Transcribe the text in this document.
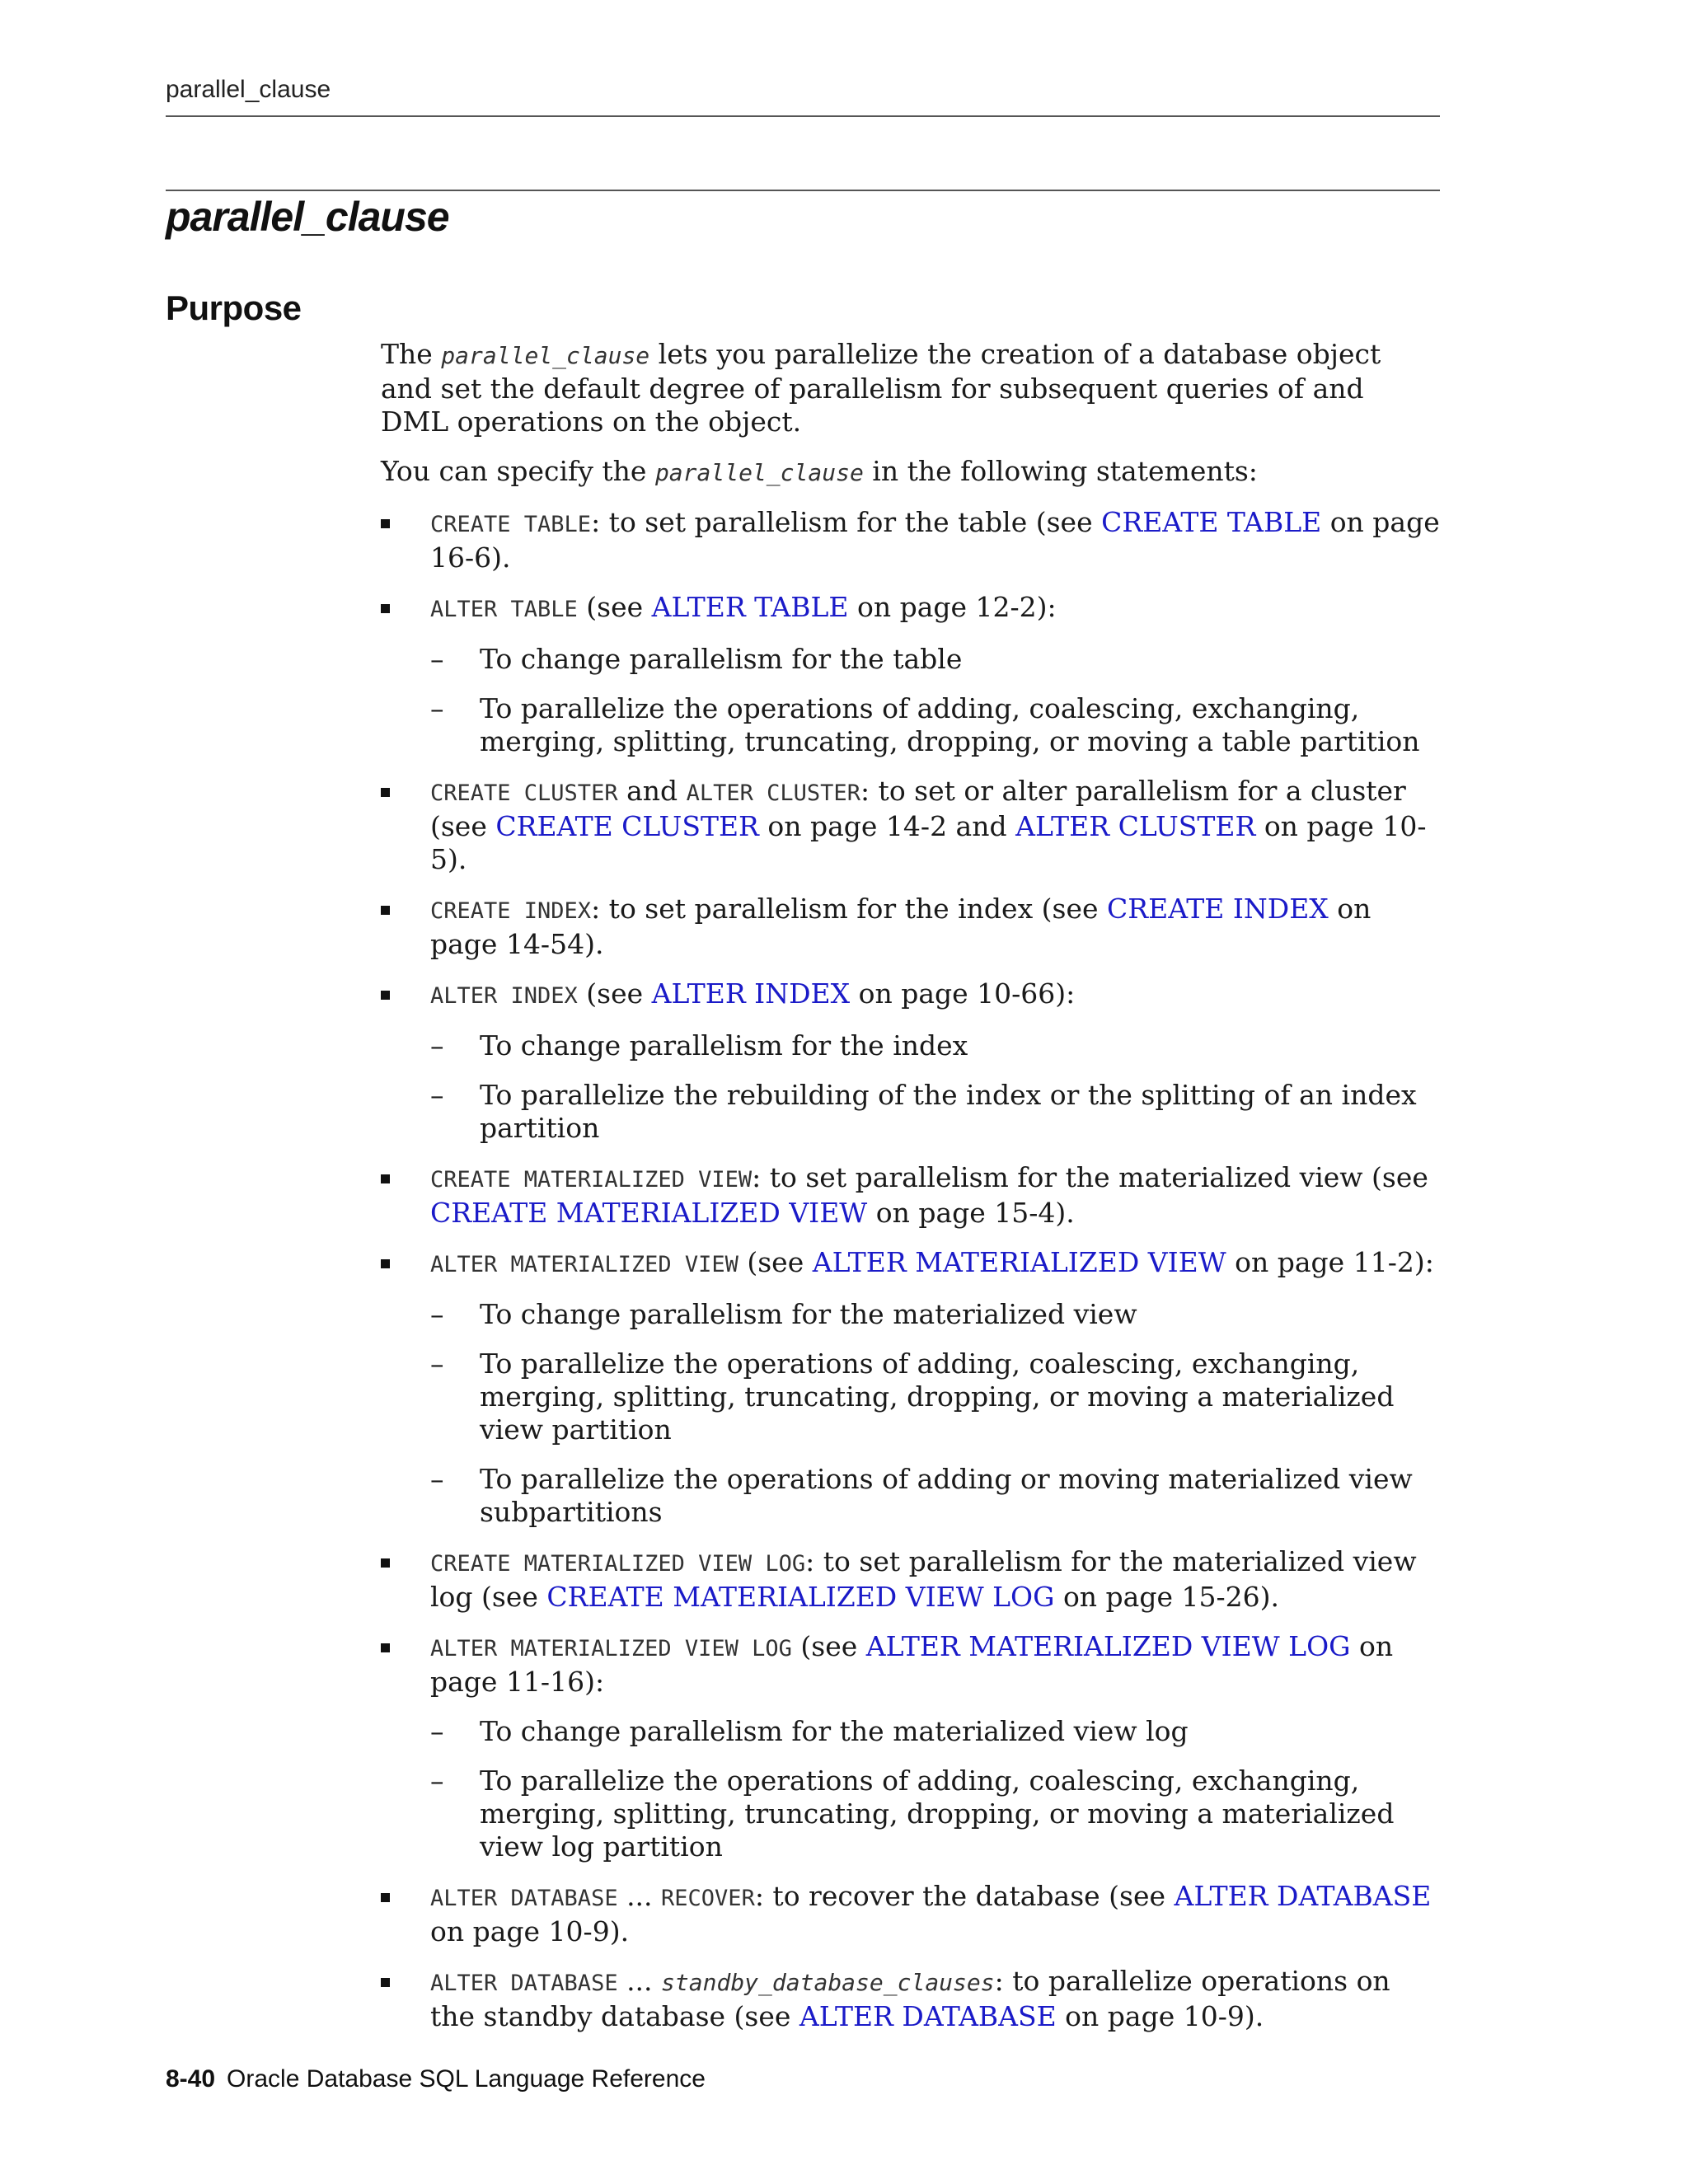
parallel_clause
parallel_clause
Purpose

The parallel_clause lets you parallelize the creation of a database object and set the default degree of parallelism for subsequent queries of and DML operations on the object.

You can specify the parallel_clause in the following statements:

CREATE TABLE: to set parallelism for the table (see CREATE TABLE on page 16-6).
ALTER TABLE (see ALTER TABLE on page 12-2):
– To change parallelism for the table
– To parallelize the operations of adding, coalescing, exchanging, merging, splitting, truncating, dropping, or moving a table partition
CREATE CLUSTER and ALTER CLUSTER: to set or alter parallelism for a cluster (see CREATE CLUSTER on page 14-2 and ALTER CLUSTER on page 10-5).
CREATE INDEX: to set parallelism for the index (see CREATE INDEX on page 14-54).
ALTER INDEX (see ALTER INDEX on page 10-66):
– To change parallelism for the index
– To parallelize the rebuilding of the index or the splitting of an index partition
CREATE MATERIALIZED VIEW: to set parallelism for the materialized view (see CREATE MATERIALIZED VIEW on page 15-4).
ALTER MATERIALIZED VIEW (see ALTER MATERIALIZED VIEW on page 11-2):
– To change parallelism for the materialized view
– To parallelize the operations of adding, coalescing, exchanging, merging, splitting, truncating, dropping, or moving a materialized view partition
– To parallelize the operations of adding or moving materialized view subpartitions
CREATE MATERIALIZED VIEW LOG: to set parallelism for the materialized view log (see CREATE MATERIALIZED VIEW LOG on page 15-26).
ALTER MATERIALIZED VIEW LOG (see ALTER MATERIALIZED VIEW LOG on page 11-16):
– To change parallelism for the materialized view log
– To parallelize the operations of adding, coalescing, exchanging, merging, splitting, truncating, dropping, or moving a materialized view log partition
ALTER DATABASE ... RECOVER: to recover the database (see ALTER DATABASE on page 10-9).
ALTER DATABASE ... standby_database_clauses: to parallelize operations on the standby database (see ALTER DATABASE on page 10-9).
8-40 Oracle Database SQL Language Reference
